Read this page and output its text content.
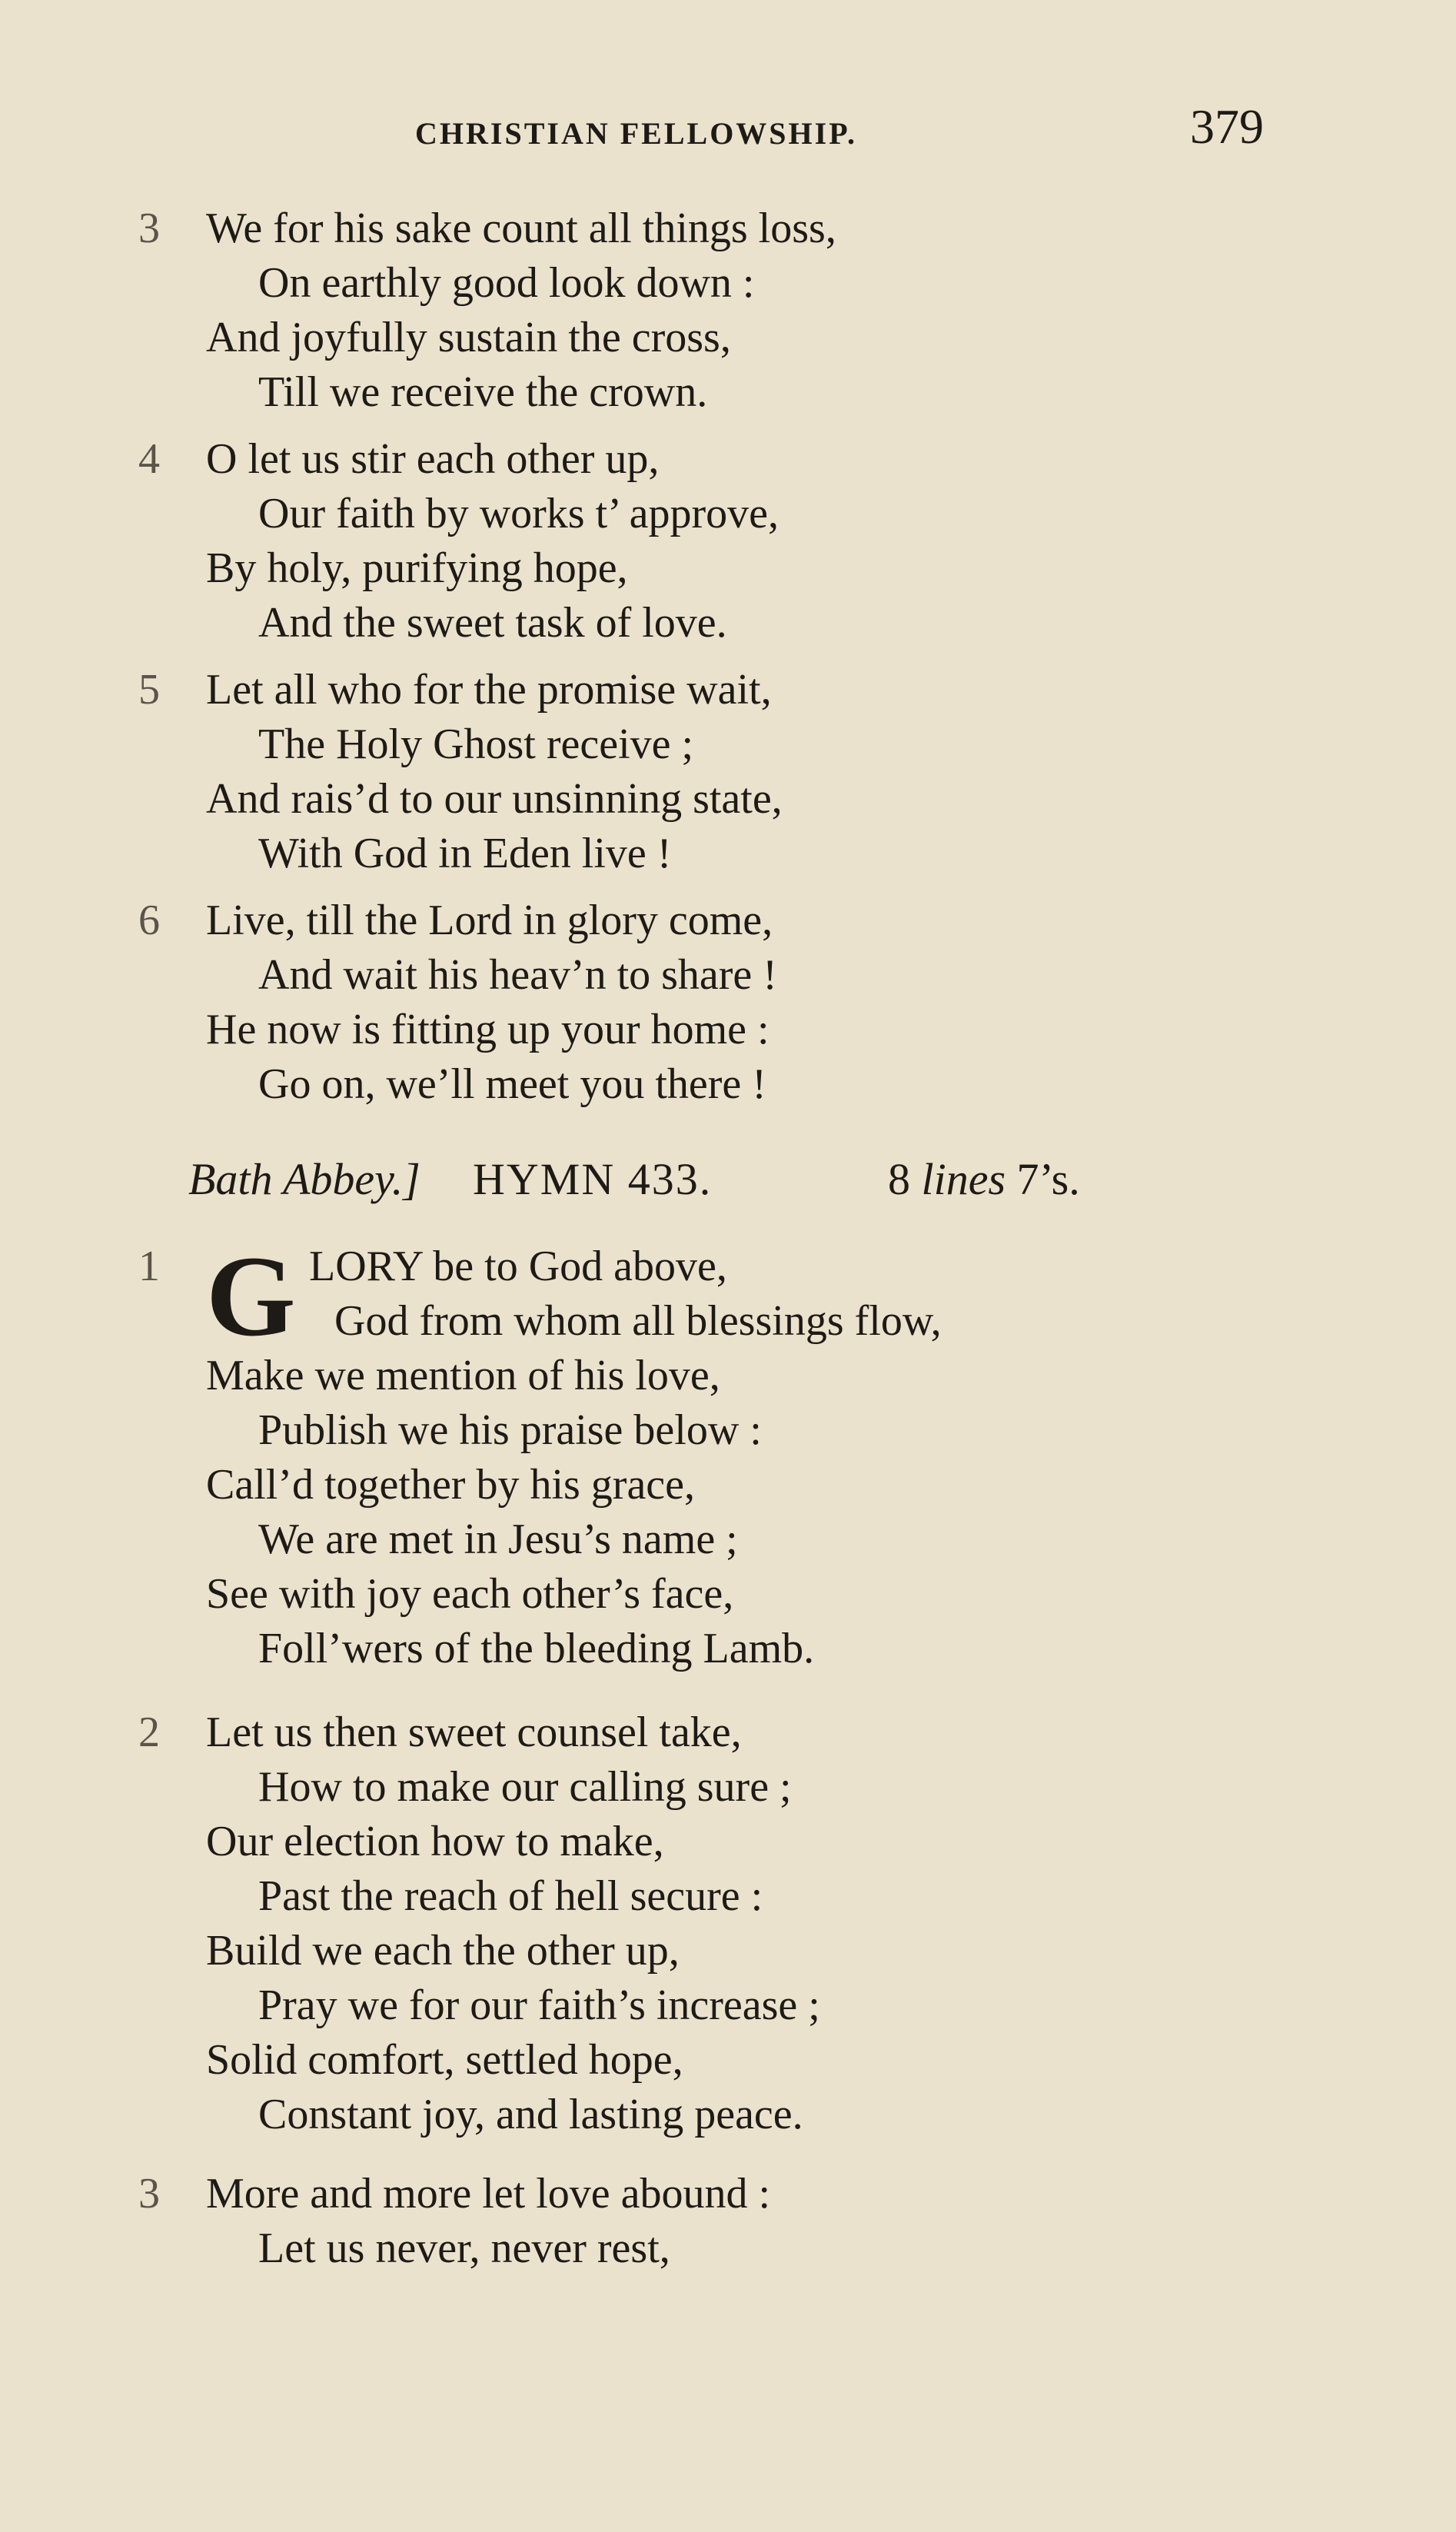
CHRISTIAN FELLOWSHIP.	379
3	We for his sake count all things loss,
On earthly good look down :
And joyfully sustain the cross,
Till we receive the crown.
4	O let us stir each other up,
Our faith by works t’ approve,
By holy, purifying hope,
And the sweet task of love.
5	Let all who for the promise wait,
The Holy Ghost receive ;
And rais’d to our unsinning state,
With God in Eden live !
6	Live, till the Lord in glory come,
And wait his heav’n to share !
He now is fitting up your home :
Go on, we’ll meet you there !
Bath Abbey.] HYMN 433.	8 lines 7’s.
G
1	LORY be to God above,
God from whom all blessings flow,
Make we mention of his love,
Publish we his praise below :
Call’d together by his grace,
We are met in Jesu’s name ;
See with joy each other’s face,
Foll’wers of the bleeding Lamb.
2	Let us then sweet counsel take,
How to make our calling sure ;
Our election how to make,
Past the reach of hell secure :
Build we each the other up,
Pray we for our faith’s increase ;
Solid comfort, settled hope,
Constant joy, and lasting peace.
3	More and more let love abound :
Let us never, never rest,
